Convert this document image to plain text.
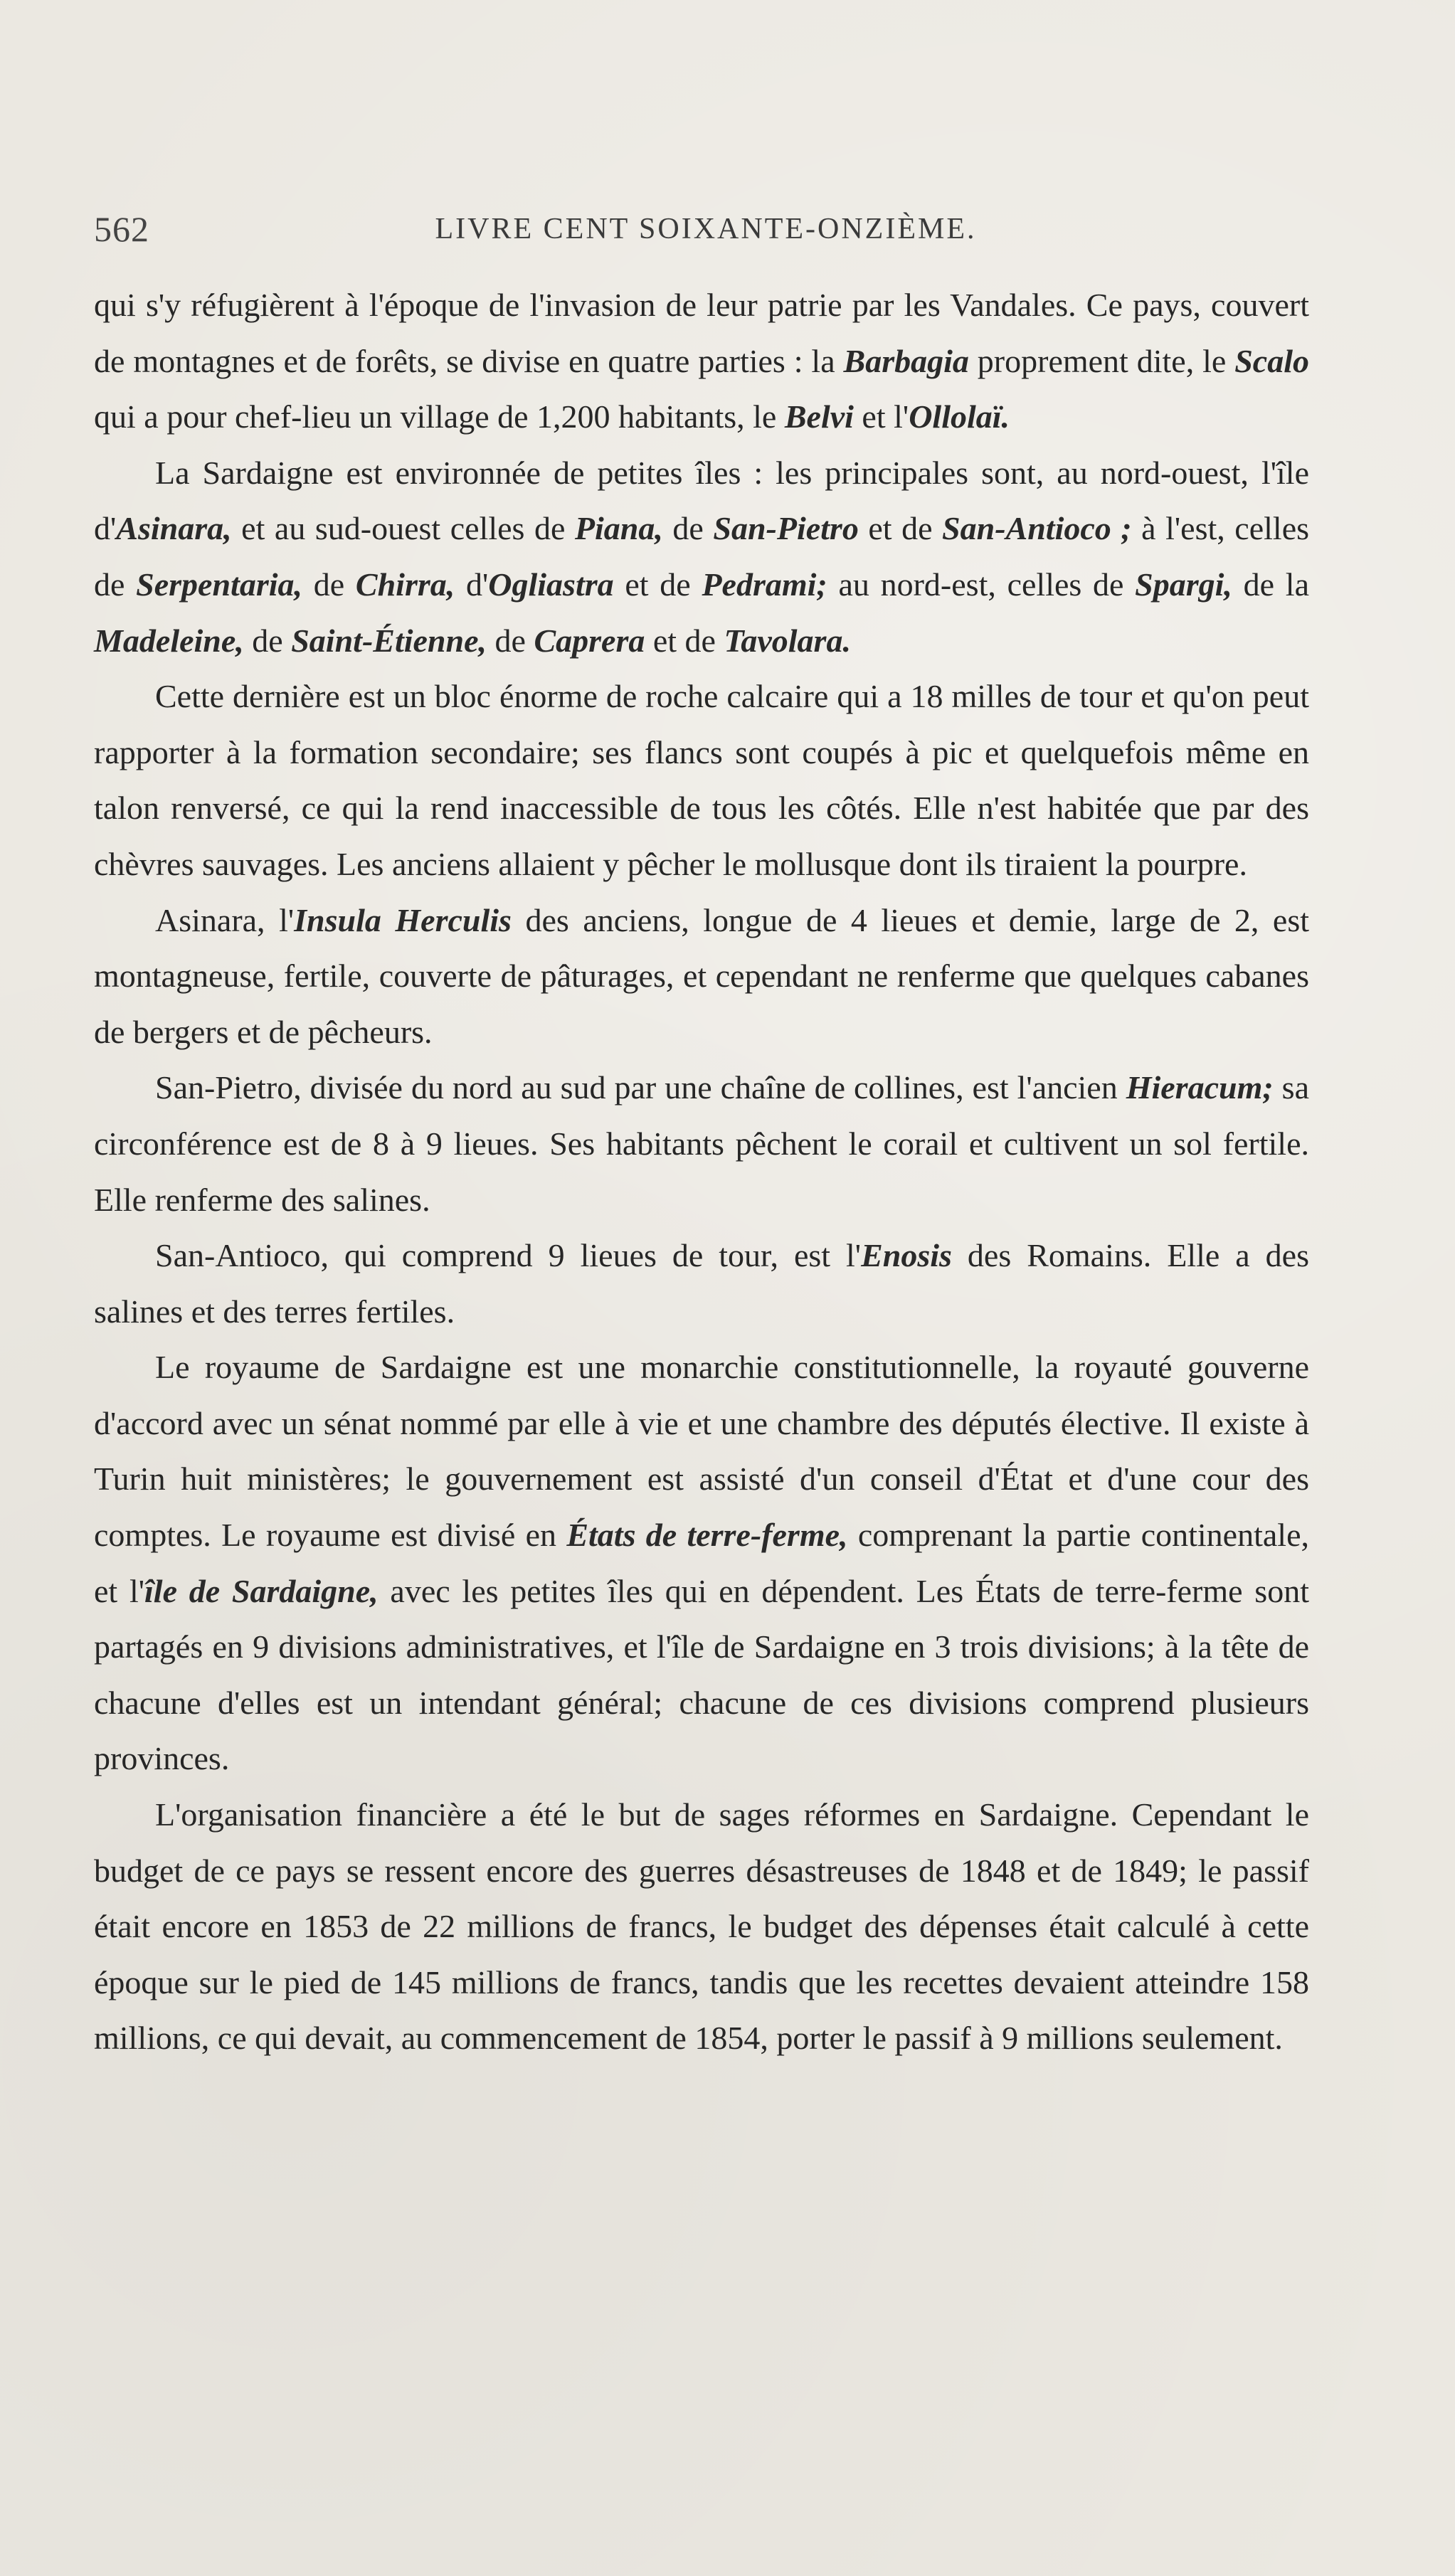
562	LIVRE CENT SOIXANTE-ONZIÈME.

qui s'y réfugièrent à l'époque de l'invasion de leur patrie par les Vandales. Ce pays, couvert de montagnes et de forêts, se divise en quatre parties : la Barbagia proprement dite, le Scalo qui a pour chef-lieu un village de 1,200 habitants, le Belvi et l'Ollolaï.

La Sardaigne est environnée de petites îles : les principales sont, au nord-ouest, l'île d'Asinara, et au sud-ouest celles de Piana, de San-Pietro et de San-Antioco ; à l'est, celles de Serpentaria, de Chirra, d'Ogliastra et de Pedrami; au nord-est, celles de Spargi, de la Madeleine, de Saint-Étienne, de Caprera et de Tavolara.

Cette dernière est un bloc énorme de roche calcaire qui a 18 milles de tour et qu'on peut rapporter à la formation secondaire; ses flancs sont coupés à pic et quelquefois même en talon renversé, ce qui la rend inaccessible de tous les côtés. Elle n'est habitée que par des chèvres sauvages. Les anciens allaient y pêcher le mollusque dont ils tiraient la pourpre.

Asinara, l'Insula Herculis des anciens, longue de 4 lieues et demie, large de 2, est montagneuse, fertile, couverte de pâturages, et cependant ne renferme que quelques cabanes de bergers et de pêcheurs.

San-Pietro, divisée du nord au sud par une chaîne de collines, est l'ancien Hieracum; sa circonférence est de 8 à 9 lieues. Ses habitants pêchent le corail et cultivent un sol fertile. Elle renferme des salines.

San-Antioco, qui comprend 9 lieues de tour, est l'Enosis des Romains. Elle a des salines et des terres fertiles.

Le royaume de Sardaigne est une monarchie constitutionnelle, la royauté gouverne d'accord avec un sénat nommé par elle à vie et une chambre des députés élective. Il existe à Turin huit ministères; le gouvernement est assisté d'un conseil d'État et d'une cour des comptes. Le royaume est divisé en États de terre-ferme, comprenant la partie continentale, et l'île de Sardaigne, avec les petites îles qui en dépendent. Les États de terre-ferme sont partagés en 9 divisions administratives, et l'île de Sardaigne en 3 trois divisions; à la tête de chacune d'elles est un intendant général; chacune de ces divisions comprend plusieurs provinces.

L'organisation financière a été le but de sages réformes en Sardaigne. Cependant le budget de ce pays se ressent encore des guerres désastreuses de 1848 et de 1849; le passif était encore en 1853 de 22 millions de francs, le budget des dépenses était calculé à cette époque sur le pied de 145 millions de francs, tandis que les recettes devaient atteindre 158 millions, ce qui devait, au commencement de 1854, porter le passif à 9 millions seulement.
